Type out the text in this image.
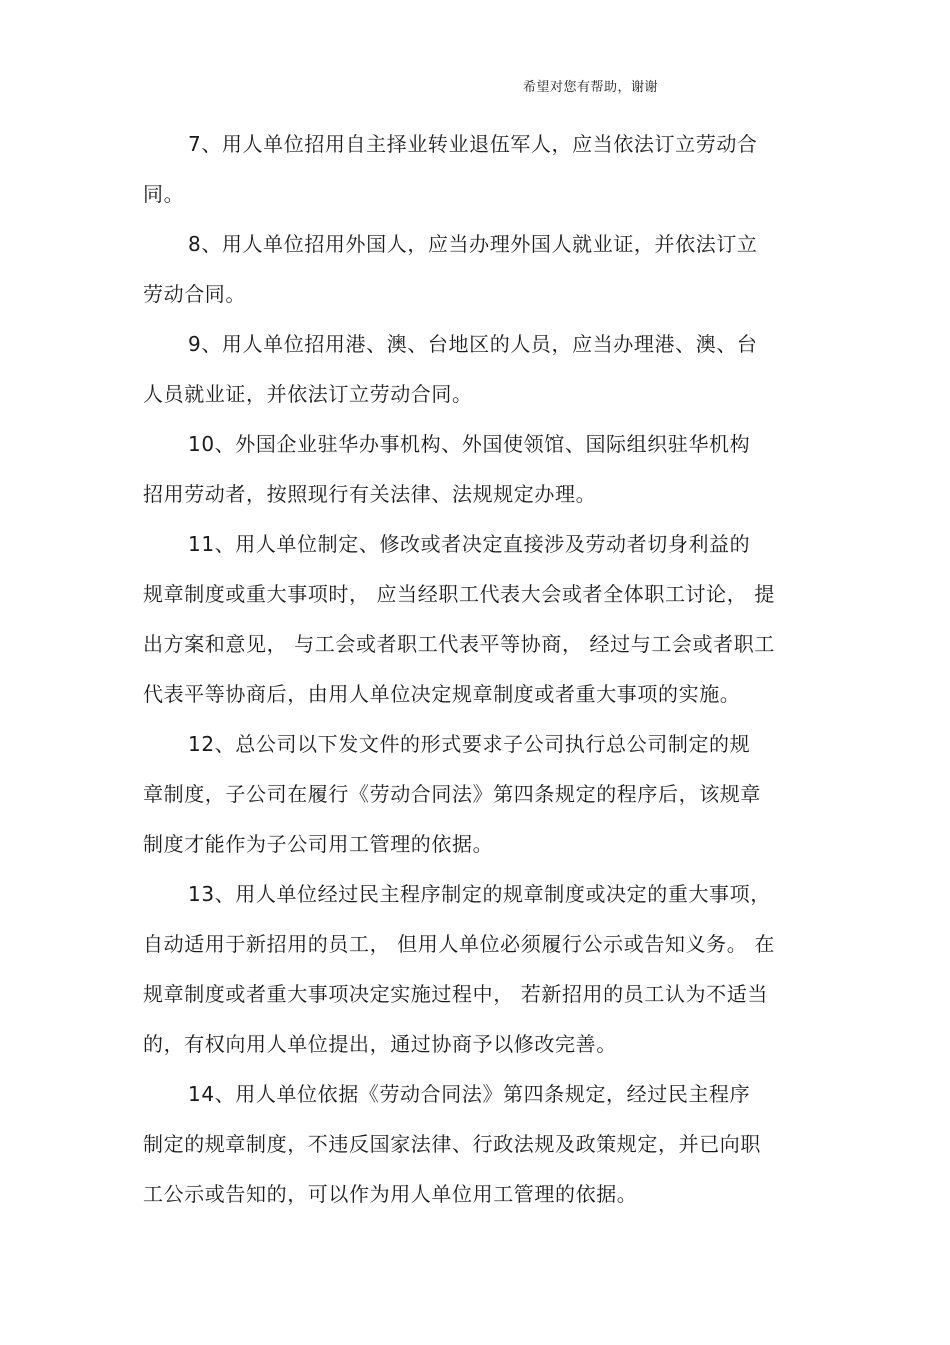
希望对您有帮助，谢谢
7、用人单位招用自主择业转业退伍军人，应当依法订立劳动合
同。
8、用人单位招用外国人，应当办理外国人就业证，并依法订立
劳动合同。
9、用人单位招用港、澳、台地区的人员，应当办理港、澳、台
人员就业证，并依法订立劳动合同。
10、外国企业驻华办事机构、外国使领馆、国际组织驻华机构
招用劳动者，按照现行有关法律、法规规定办理。
11、用人单位制定、修改或者决定直接涉及劳动者切身利益的
规章制度或重大事项时， 应当经职工代表大会或者全体职工讨论， 提
出方案和意见， 与工会或者职工代表平等协商， 经过与工会或者职工
代表平等协商后，由用人单位决定规章制度或者重大事项的实施。
12、总公司以下发文件的形式要求子公司执行总公司制定的规
章制度，子公司在履行《劳动合同法》第四条规定的程序后，该规章
制度才能作为子公司用工管理的依据。
13、用人单位经过民主程序制定的规章制度或决定的重大事项，
自动适用于新招用的员工， 但用人单位必须履行公示或告知义务。 在
规章制度或者重大事项决定实施过程中， 若新招用的员工认为不适当
的，有权向用人单位提出，通过协商予以修改完善。
14、用人单位依据《劳动合同法》第四条规定，经过民主程序
制定的规章制度，不违反国家法律、行政法规及政策规定，并已向职
工公示或告知的，可以作为用人单位用工管理的依据。
